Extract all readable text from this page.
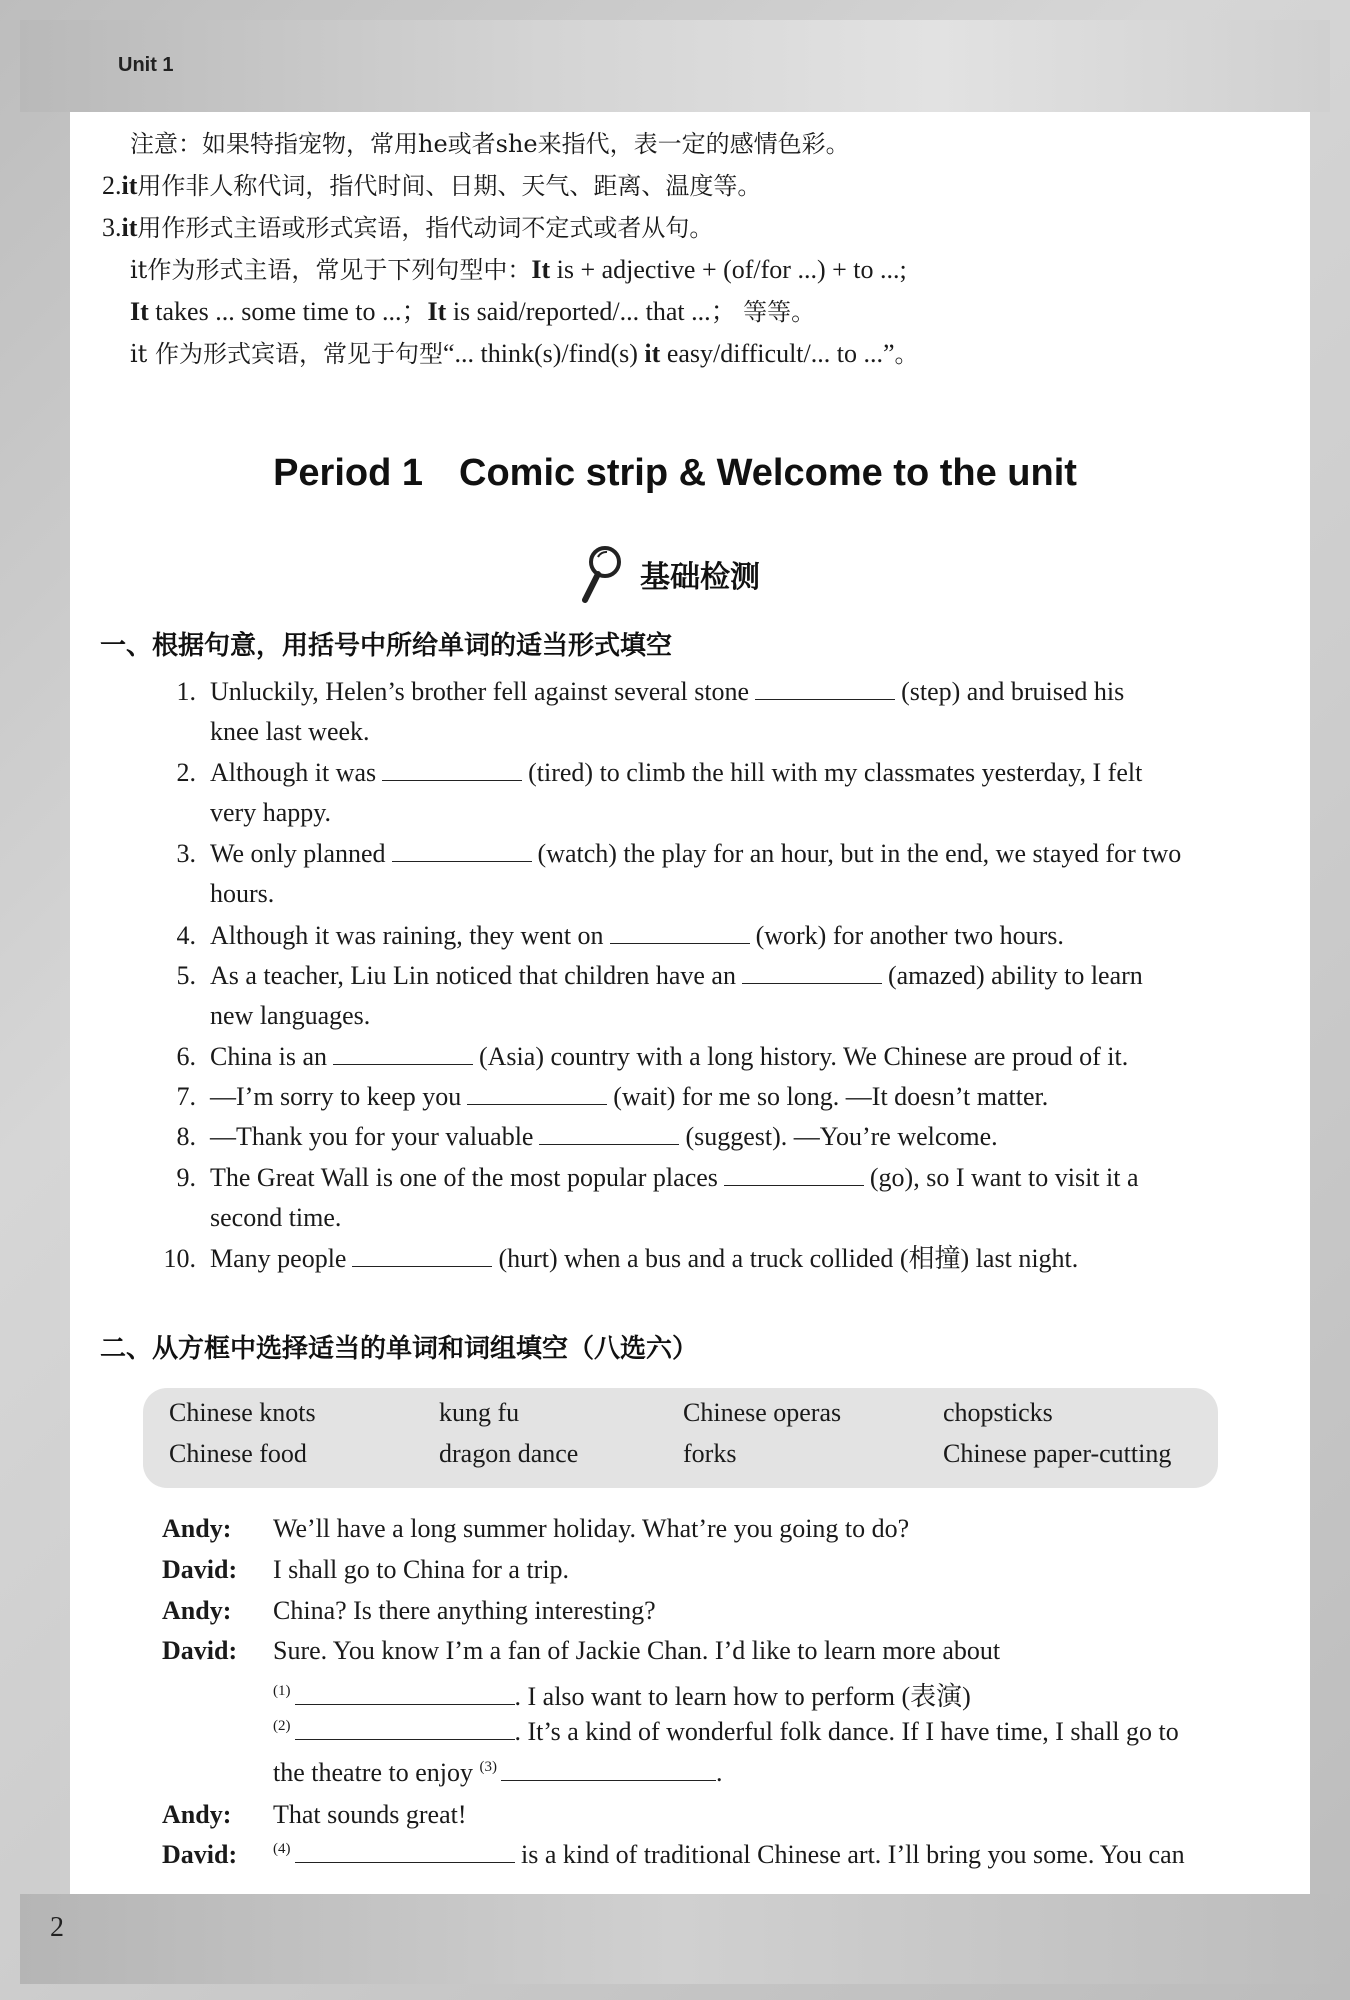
Unit 1
2
注意：如果特指宠物，常用he或者she来指代，表一定的感情色彩。
2.it用作非人称代词，指代时间、日期、天气、距离、温度等。
3.it用作形式主语或形式宾语，指代动词不定式或者从句。
it作为形式主语，常见于下列句型中：It is + adjective + (of/for ...) + to ...;
It takes ... some time to ...；It is said/reported/... that ...； 等等。
it 作为形式宾语，常见于句型“... think(s)/find(s) it easy/difficult/... to ...”。
Period 1 Comic strip & Welcome to the unit
基础检测
一、根据句意，用括号中所给单词的适当形式填空
1. Unluckily, Helen’s brother fell against several stone	(step) and bruised his
knee last week.
2. Although it was	(tired) to climb the hill with my classmates yesterday, I felt
very happy.
3. We only planned	(watch) the play for an hour, but in the end, we stayed for two
hours.
4. Although it was raining, they went on	(work) for another two hours.
5. As a teacher, Liu Lin noticed that children have an	(amazed) ability to learn
new languages.
6. China is an	(Asia) country with a long history. We Chinese are proud of it.
7. —I’m sorry to keep you	(wait) for me so long. —It doesn’t matter.
8. —Thank you for your valuable	(suggest). —You’re welcome.
9. The Great Wall is one of the most popular places	(go), so I want to visit it a
second time.
10. Many people	(hurt) when a bus and a truck collided (相撞) last night.
二、从方框中选择适当的单词和词组填空（八选六）
Chinese knots	kung fu	Chinese operas	chopsticks
Chinese food	dragon dance	forks	Chinese paper-cutting
Andy: We’ll have a long summer holiday. What’re you going to do?
David: I shall go to China for a trip.
Andy: China? Is there anything interesting?
David: Sure. You know I’m a fan of Jackie Chan. I’d like to learn more about
$^{(1)}$	. I also want to learn how to perform (表演)
$^{(2)}$	. It’s a kind of wonderful folk dance. If I have time, I shall go to
the theatre to enjoy $^{(3)}$	.
Andy: That sounds great!
David: $^{(4)}$	is a kind of traditional Chinese art. I’ll bring you some. You can
